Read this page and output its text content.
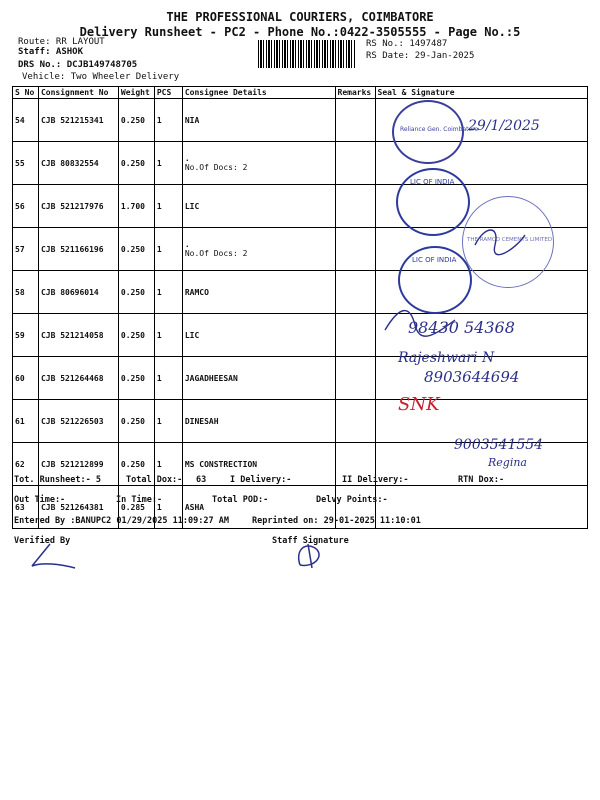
THE PROFESSIONAL COURIERS, COIMBATORE
Delivery Runsheet - PC2 - Phone No.:0422-3505555 - Page No.:5
Route: RR LAYOUT
Staff: ASHOK
DRS No.: DCJB149748705
Vehicle: Two Wheeler Delivery
RS No.: 1497487
RS Date: 29-Jan-2025
S No	Consignment No	Weight	PCS	Consignee Details	Remarks	Seal & Signature
54	CJB 521215341	0.250	1	NIA		
55	CJB 80832554	0.250	1	.
No.Of Docs: 2		

56	CJB 521217976	1.700	1	LIC		
57	CJB 521166196	0.250	1	.
No.Of Docs: 2		

58	CJB 80696014	0.250	1	RAMCO		
59	CJB 521214058	0.250	1	LIC		
60	CJB 521264468	0.250	1	JAGADHEESAN		
61	CJB 521226503	0.250	1	DINESAH		
62	CJB 521212899	0.250	1	MS CONSTRECTION		
63	CJB 521264381	0.285	1	ASHA		
Reliance Gen. Coimbatore
LIC OF INDIA
LIC OF INDIA
THE RAMCO CEMENTS LIMITED
29/1/2025
98430 54368
Rajeshwari N
8903644694
SNK
9003541554
Regina
Tot. Runsheet:- 5	Total Dox:- 63	I Delivery:-	II Delivery:-	RTN Dox:-
Out Time:-	In Time:-	Total POD:-	Delvy Points:-
Entered By :BANUPC2 01/29/2025 11:09:27 AM	Reprinted on: 29-01-2025 11:10:01
Verified By	Staff Signature
